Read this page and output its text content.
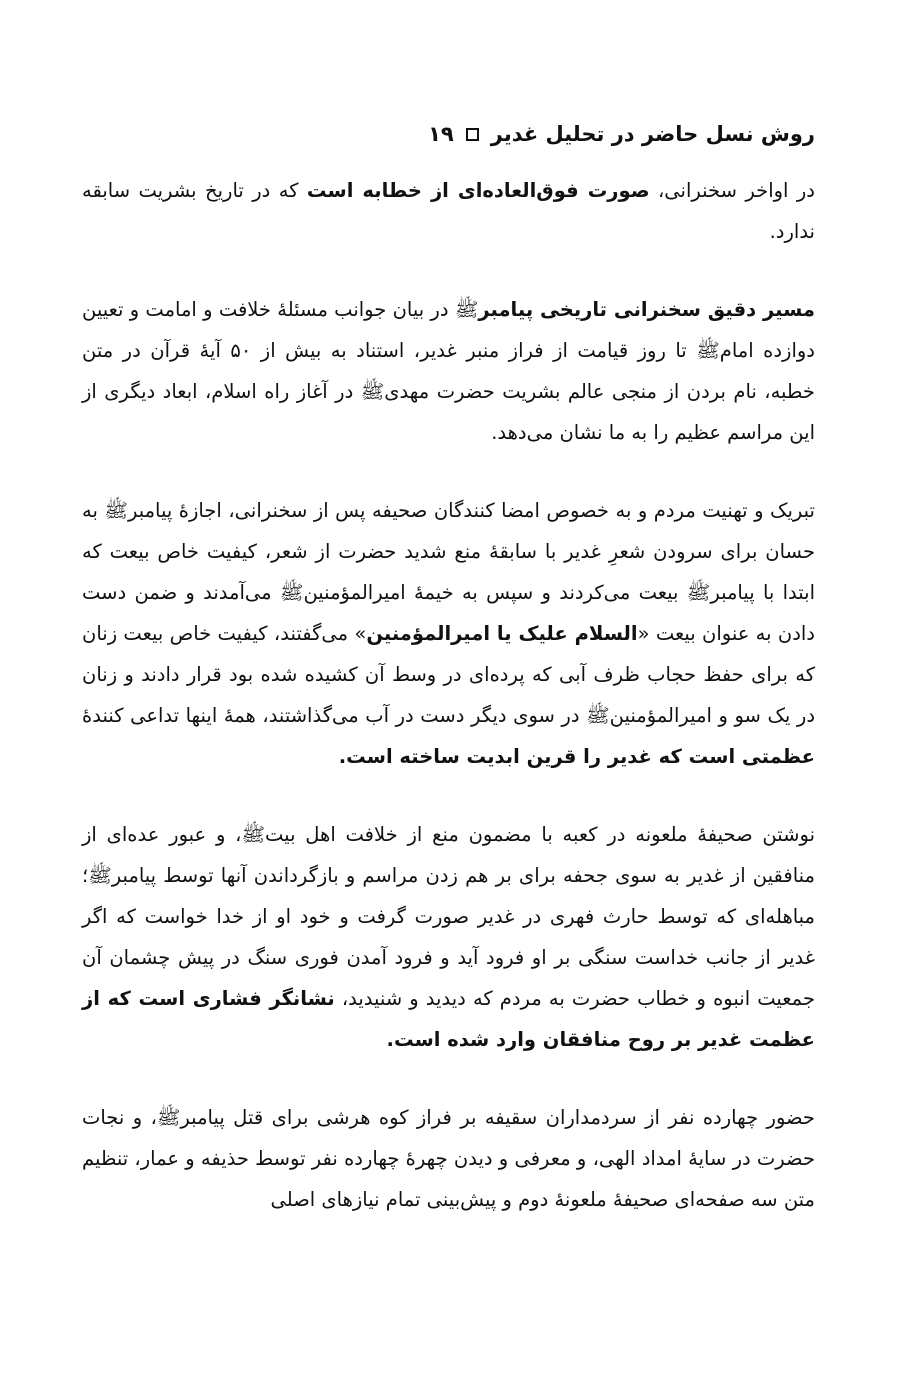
روش نسل حاضر در تحلیل غدیر
۱۹

در اواخر سخنرانی، صورت فوق‌العاده‌ای از خطابه است که در تاریخ بشریت سابقه ندارد.

مسیر دقیق سخنرانی تاریخی پیامبرﷺ در بیان جوانب مسئلهٔ خلافت و امامت و تعیین دوازده امامﷺ تا روز قیامت از فراز منبر غدیر، استناد به بیش از ۵۰ آیهٔ قرآن در متن خطبه، نام بردن از منجی عالم بشریت حضرت مهدیﷺ در آغاز راه اسلام، ابعاد دیگری از این مراسم عظیم را به ما نشان می‌دهد.

تبریک و تهنیت مردم و به خصوص امضا کنندگان صحیفه پس از سخنرانی، اجازهٔ پیامبرﷺ به حسان برای سرودن شعرِ غدیر با سابقهٔ منع شدید حضرت از شعر، کیفیت خاص بیعت که ابتدا با پیامبرﷺ بیعت می‌کردند و سپس به خیمهٔ امیرالمؤمنینﷺ می‌آمدند و ضمن دست دادن به عنوان بیعت «السلام علیک یا امیرالمؤمنین» می‌گفتند، کیفیت خاص بیعت زنان که برای حفظ حجاب ظرف آبی که پرده‌ای در وسط آن کشیده شده بود قرار دادند و زنان در یک سو و امیرالمؤمنینﷺ در سوی دیگر دست در آب می‌گذاشتند، همهٔ اینها تداعی کنندهٔ عظمتی است که غدیر را قرین ابدیت ساخته است.

نوشتن صحیفهٔ ملعونه در کعبه با مضمون منع از خلافت اهل بیتﷺ، و عبور عده‌ای از منافقین از غدیر به سوی جحفه برای بر هم زدن مراسم و بازگرداندن آنها توسط پیامبرﷺ؛ مباهله‌ای که توسط حارث فهری در غدیر صورت گرفت و خود او از خدا خواست که اگر غدیر از جانب خداست سنگی بر او فرود آید و فرود آمدن فوری سنگ در پیش چشمان آن جمعیت انبوه و خطاب حضرت به مردم که دیدید و شنیدید، نشانگر فشاری است که از عظمت غدیر بر روح منافقان وارد شده است.

حضور چهارده نفر از سردمداران سقیفه بر فراز کوه هرشی برای قتل پیامبرﷺ، و نجات حضرت در سایهٔ امداد الهی، و معرفی و دیدن چهرهٔ چهارده نفر توسط حذیفه و عمار، تنظیم متن سه صفحه‌ای صحیفهٔ ملعونهٔ دوم و پیش‌بینی تمام نیازهای اصلی
